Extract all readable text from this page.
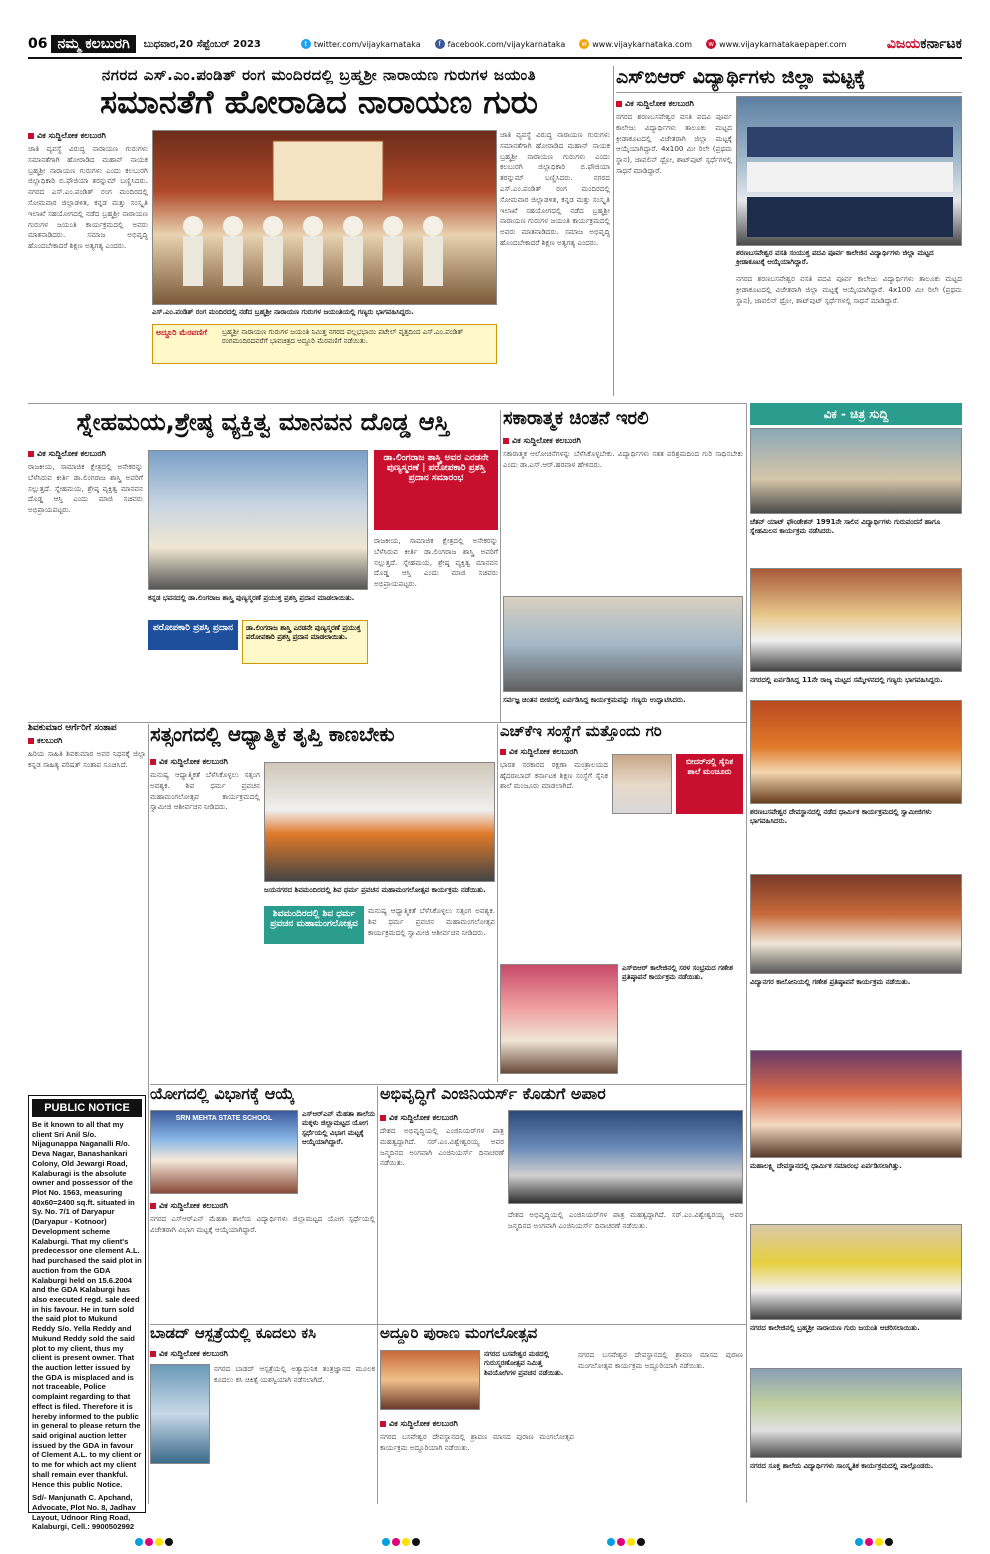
06 ನಮ್ಮ ಕಲಬುರಗಿ	ಬುಧವಾರ,20 ಸೆಪ್ಟೆಂಬರ್ 2023	t twitter.com/vijaykarnataka	f facebook.com/vijaykarnataka	w www.vijaykarnataka.com	w www.vijaykarnatakaepaper.com	ವಿಜಯಕರ್ನಾಟಕ
ನಗರದ ಎಸ್.ಎಂ.ಪಂಡಿತ್ ರಂಗ ಮಂದಿರದಲ್ಲಿ ಬ್ರಹ್ಮಶ್ರೀ ನಾರಾಯಣ ಗುರುಗಳ ಜಯಂತಿ
ಸಮಾನತೆಗೆ ಹೋರಾಡಿದ ನಾರಾಯಣ ಗುರು
ವಿಕ ಸುದ್ದಿಲೋಕ ಕಲಬುರಗಿ
ಜಾತಿ ವ್ಯವಸ್ಥೆ ವಿರುದ್ಧ ನಾರಾಯಣ ಗುರುಗಳು ಸಮಾನತೆಗಾಗಿ ಹೋರಾಡಿದ ಮಹಾನ್ ನಾಯಕ ಬ್ರಹ್ಮಶ್ರೀ ನಾರಾಯಣ ಗುರುಗಳು ಎಂದು ಕಲಬುರಗಿ ಜಿಲ್ಲಾಧಿಕಾರಿ ಬಿ.ಫೌಜಿಯಾ ತರನ್ನುಮ್ ಬಣ್ಣಿಸಿದರು. ನಗರದ ಎಸ್.ಎಂ.ಪಂಡಿತ್ ರಂಗ ಮಂದಿರದಲ್ಲಿ ಸೋಮವಾರ ಜಿಲ್ಲಾಡಳಿತ, ಕನ್ನಡ ಮತ್ತು ಸಂಸ್ಕೃತಿ ಇಲಾಖೆ ಸಹಯೋಗದಲ್ಲಿ ನಡೆದ ಬ್ರಹ್ಮಶ್ರೀ ನಾರಾಯಣ ಗುರುಗಳ ಜಯಂತಿ ಕಾರ್ಯಕ್ರಮದಲ್ಲಿ ಅವರು ಮಾತನಾಡಿದರು. ಸಮಾಜ ಅಭಿವೃದ್ಧಿ ಹೊಂದಬೇಕಾದರೆ ಶಿಕ್ಷಣ ಅತ್ಯಗತ್ಯ ಎಂದರು.
ಎಸ್.ಎಂ.ಪಂಡಿತ್ ರಂಗ ಮಂದಿರದಲ್ಲಿ ನಡೆದ ಬ್ರಹ್ಮಶ್ರೀ ನಾರಾಯಣ ಗುರುಗಳ ಜಯಂತಿಯಲ್ಲಿ ಗಣ್ಯರು ಭಾಗವಹಿಸಿದ್ದರು.
ಅದ್ದೂರಿ ಮೆರವಣಿಗೆ	ಬ್ರಹ್ಮಶ್ರೀ ನಾರಾಯಣ ಗುರುಗಳ ಜಯಂತಿ ನಿಮಿತ್ತ ನಗರದ ವಲ್ಲಭಭಾಯಿ ಪಟೇಲ್ ವೃತ್ತದಿಂದ ಎಸ್.ಎಂ.ಪಂಡಿತ್ ರಂಗಮಂದಿರದವರೆಗೆ ಭಾವಚಿತ್ರದ ಅದ್ದೂರಿ ಮೆರವಣಿಗೆ ನಡೆಯಿತು.
ಜಾತಿ ವ್ಯವಸ್ಥೆ ವಿರುದ್ಧ ನಾರಾಯಣ ಗುರುಗಳು ಸಮಾನತೆಗಾಗಿ ಹೋರಾಡಿದ ಮಹಾನ್ ನಾಯಕ ಬ್ರಹ್ಮಶ್ರೀ ನಾರಾಯಣ ಗುರುಗಳು ಎಂದು ಕಲಬುರಗಿ ಜಿಲ್ಲಾಧಿಕಾರಿ ಬಿ.ಫೌಜಿಯಾ ತರನ್ನುಮ್ ಬಣ್ಣಿಸಿದರು. ನಗರದ ಎಸ್.ಎಂ.ಪಂಡಿತ್ ರಂಗ ಮಂದಿರದಲ್ಲಿ ಸೋಮವಾರ ಜಿಲ್ಲಾಡಳಿತ, ಕನ್ನಡ ಮತ್ತು ಸಂಸ್ಕೃತಿ ಇಲಾಖೆ ಸಹಯೋಗದಲ್ಲಿ ನಡೆದ ಬ್ರಹ್ಮಶ್ರೀ ನಾರಾಯಣ ಗುರುಗಳ ಜಯಂತಿ ಕಾರ್ಯಕ್ರಮದಲ್ಲಿ ಅವರು ಮಾತನಾಡಿದರು. ಸಮಾಜ ಅಭಿವೃದ್ಧಿ ಹೊಂದಬೇಕಾದರೆ ಶಿಕ್ಷಣ ಅತ್ಯಗತ್ಯ ಎಂದರು.
ಎಸ್‌ಬಿಆರ್ ವಿದ್ಯಾರ್ಥಿಗಳು ಜಿಲ್ಲಾ ಮಟ್ಟಕ್ಕೆ
ವಿಕ ಸುದ್ದಿಲೋಕ ಕಲಬುರಗಿ
ನಗರದ ಶರಣಬಸವೇಶ್ವರ ವಸತಿ ಪದವಿ ಪೂರ್ವ ಕಾಲೇಜು ವಿದ್ಯಾರ್ಥಿಗಳು ತಾಲೂಕು ಮಟ್ಟದ ಕ್ರೀಡಾಕೂಟದಲ್ಲಿ ವಿಜೇತರಾಗಿ ಜಿಲ್ಲಾ ಮಟ್ಟಕ್ಕೆ ಆಯ್ಕೆಯಾಗಿದ್ದಾರೆ. 4x100 ಮೀ ರಿಲೇ (ಪ್ರಥಮ ಸ್ಥಾನ), ಜಾವಲಿನ್ ಥ್ರೋ, ಶಾಟ್‌ಪುಟ್ ಸ್ಪರ್ಧೆಗಳಲ್ಲಿ ಸಾಧನೆ ಮಾಡಿದ್ದಾರೆ.
ಶರಣಬಸವೇಶ್ವರ ವಸತಿ ಸಂಯುಕ್ತ ಪದವಿ ಪೂರ್ವ ಕಾಲೇಜಿನ ವಿದ್ಯಾರ್ಥಿಗಳು ಜಿಲ್ಲಾ ಮಟ್ಟದ ಕ್ರೀಡಾಕೂಟಕ್ಕೆ ಆಯ್ಕೆಯಾಗಿದ್ದಾರೆ.
ನಗರದ ಶರಣಬಸವೇಶ್ವರ ವಸತಿ ಪದವಿ ಪೂರ್ವ ಕಾಲೇಜು ವಿದ್ಯಾರ್ಥಿಗಳು ತಾಲೂಕು ಮಟ್ಟದ ಕ್ರೀಡಾಕೂಟದಲ್ಲಿ ವಿಜೇತರಾಗಿ ಜಿಲ್ಲಾ ಮಟ್ಟಕ್ಕೆ ಆಯ್ಕೆಯಾಗಿದ್ದಾರೆ. 4x100 ಮೀ ರಿಲೇ (ಪ್ರಥಮ ಸ್ಥಾನ), ಜಾವಲಿನ್ ಥ್ರೋ, ಶಾಟ್‌ಪುಟ್ ಸ್ಪರ್ಧೆಗಳಲ್ಲಿ ಸಾಧನೆ ಮಾಡಿದ್ದಾರೆ.
ಸ್ನೇಹಮಯ,ಶ್ರೇಷ್ಠ ವ್ಯಕ್ತಿತ್ವ ಮಾನವನ ದೊಡ್ಡ ಆಸ್ತಿ
ವಿಕ ಸುದ್ದಿಲೋಕ ಕಲಬುರಗಿ
ರಾಜಕೀಯ, ಸಾಮಾಜಿಕ ಕ್ಷೇತ್ರದಲ್ಲಿ ಅನೇಕರನ್ನು ಬೆಳೆಸಿರುವ ಕೀರ್ತಿ ಡಾ.ಲಿಂಗರಾಜ ಶಾಸ್ತ್ರಿ ಅವರಿಗೆ ಸಲ್ಲುತ್ತದೆ. ಸ್ನೇಹಮಯ, ಶ್ರೇಷ್ಠ ವ್ಯಕ್ತಿತ್ವ ಮಾನವನ ದೊಡ್ಡ ಆಸ್ತಿ ಎಂದು ಮಾಜಿ ಸಚಿವರು ಅಭಿಪ್ರಾಯಪಟ್ಟರು.
ಡಾ.ಲಿಂಗರಾಜ ಶಾಸ್ತ್ರಿ ಅವರ ಎರಡನೇ ಪುಣ್ಯಸ್ಮರಣೆ | ಪರೋಪಕಾರಿ ಪ್ರಶಸ್ತಿ ಪ್ರದಾನ ಸಮಾರಂಭ
ಕನ್ನಡ ಭವನದಲ್ಲಿ ಡಾ.ಲಿಂಗರಾಜ ಶಾಸ್ತ್ರಿ ಪುಣ್ಯಸ್ಮರಣೆ ಪ್ರಯುಕ್ತ ಪ್ರಶಸ್ತಿ ಪ್ರದಾನ ಮಾಡಲಾಯಿತು.
ಪರೋಪಕಾರಿ ಪ್ರಶಸ್ತಿ ಪ್ರದಾನ	ಡಾ.ಲಿಂಗರಾಜ ಶಾಸ್ತ್ರಿ ಎರಡನೇ ಪುಣ್ಯಸ್ಮರಣೆ ಪ್ರಯುಕ್ತ ಪರೋಪಕಾರಿ ಪ್ರಶಸ್ತಿ ಪ್ರದಾನ ಮಾಡಲಾಯಿತು.
ರಾಜಕೀಯ, ಸಾಮಾಜಿಕ ಕ್ಷೇತ್ರದಲ್ಲಿ ಅನೇಕರನ್ನು ಬೆಳೆಸಿರುವ ಕೀರ್ತಿ ಡಾ.ಲಿಂಗರಾಜ ಶಾಸ್ತ್ರಿ ಅವರಿಗೆ ಸಲ್ಲುತ್ತದೆ. ಸ್ನೇಹಮಯ, ಶ್ರೇಷ್ಠ ವ್ಯಕ್ತಿತ್ವ ಮಾನವನ ದೊಡ್ಡ ಆಸ್ತಿ ಎಂದು ಮಾಜಿ ಸಚಿವರು ಅಭಿಪ್ರಾಯಪಟ್ಟರು.
ಸಕಾರಾತ್ಮಕ ಚಿಂತನೆ ಇರಲಿ
ವಿಕ ಸುದ್ದಿಲೋಕ ಕಲಬುರಗಿ
ಸಕಾರಾತ್ಮಕ ಆಲೋಚನೆಗಳನ್ನು ಬೆಳೆಸಿಕೊಳ್ಳಬೇಕು. ವಿದ್ಯಾರ್ಥಿಗಳು ಸತತ ಪರಿಶ್ರಮದಿಂದ ಗುರಿ ಸಾಧಿಸಬೇಕು ಎಂದು ಡಾ.ಎಸ್.ಆರ್.ಹರವಾಳ ಹೇಳಿದರು.
ಸರ್ವಜ್ಞ ಚಿಂತನ ಬೀಠದಲ್ಲಿ ಏರ್ಪಡಿಸಿದ್ದ ಕಾರ್ಯಕ್ರಮವನ್ನು ಗಣ್ಯರು ಉದ್ಘಾಟಿಸಿದರು.
ವಿಕ - ಚಿತ್ರ ಸುದ್ದಿ
ಚೆತನ್ ಯಾಟ್ ಫೌಂಡೇಶನ್ 1991ನೇ ಸಾಲಿನ ವಿದ್ಯಾರ್ಥಿಗಳು ಗುರುವಂದನೆ ಹಾಗೂ ಸ್ನೇಹಮಿಲನ ಕಾರ್ಯಕ್ರಮ ನಡೆಸಿದರು.
ನಗರದಲ್ಲಿ ಏರ್ಪಡಿಸಿದ್ದ 11ನೇ ರಾಜ್ಯ ಮಟ್ಟದ ಸಮ್ಮೇಳನದಲ್ಲಿ ಗಣ್ಯರು ಭಾಗವಹಿಸಿದ್ದರು.
ಶರಣಬಸವೇಶ್ವರ ದೇವಸ್ಥಾನದಲ್ಲಿ ನಡೆದ ಧಾರ್ಮಿಕ ಕಾರ್ಯಕ್ರಮದಲ್ಲಿ ಸ್ವಾಮೀಜಿಗಳು ಭಾಗವಹಿಸಿದರು.
ವಿದ್ಯಾನಗರ ಕಾಲೋನಿಯಲ್ಲಿ ಗಣೇಶ ಪ್ರತಿಷ್ಠಾಪನೆ ಕಾರ್ಯಕ್ರಮ ನಡೆಯಿತು.
ಮಹಾಲಕ್ಷ್ಮಿ ದೇವಸ್ಥಾನದಲ್ಲಿ ಧಾರ್ಮಿಕ ಸಮಾರಂಭ ಏರ್ಪಡಿಸಲಾಗಿತ್ತು.
ನಗರದ ಕಾಲೇಜಿನಲ್ಲಿ ಬ್ರಹ್ಮಶ್ರೀ ನಾರಾಯಣ ಗುರು ಜಯಂತಿ ಆಚರಿಸಲಾಯಿತು.
ನಗರದ ಸೂಕ್ತ ಶಾಲೆಯ ವಿದ್ಯಾರ್ಥಿಗಳು ಸಾಂಸ್ಕೃತಿಕ ಕಾರ್ಯಕ್ರಮದಲ್ಲಿ ಪಾಲ್ಗೊಂಡರು.
ಶಿವಕುಮಾರ ಆರ್ಗೆರಿಗೆ ಸಂತಾಪ
ಕಲಬುರಗಿ
ಹಿರಿಯ ಸಾಹಿತಿ ಶಿವಕುಮಾರ ಅವರ ನಿಧನಕ್ಕೆ ಜಿಲ್ಲಾ ಕನ್ನಡ ಸಾಹಿತ್ಯ ಪರಿಷತ್ ಸಂತಾಪ ಸೂಚಿಸಿದೆ.
ಸತ್ಸಂಗದಲ್ಲಿ ಆಧ್ಯಾತ್ಮಿಕ ತೃಪ್ತಿ ಕಾಣಬೇಕು
ವಿಕ ಸುದ್ದಿಲೋಕ ಕಲಬುರಗಿ
ಮನುಷ್ಯ ಆಧ್ಯಾತ್ಮಿಕತೆ ಬೆಳೆಸಿಕೊಳ್ಳಲು ಸತ್ಸಂಗ ಅವಶ್ಯಕ. ಶಿವ ಧರ್ಮ ಪ್ರವಚನ ಮಹಾಮಂಗಲೋತ್ಸವ ಕಾರ್ಯಕ್ರಮದಲ್ಲಿ ಸ್ವಾಮೀಜಿ ಆಶೀರ್ವಚನ ನೀಡಿದರು.
ಜಯನಗರದ ಶಿವಮಂದಿರದಲ್ಲಿ ಶಿವ ಧರ್ಮ ಪ್ರವಚನ ಮಹಾಮಂಗಲೋತ್ಸವ ಕಾರ್ಯಕ್ರಮ ನಡೆಯಿತು.
ಶಿವಮಂದಿರದಲ್ಲಿ ಶಿವ ಧರ್ಮ ಪ್ರವಚನ ಮಹಾಮಂಗಲೋತ್ಸವ
ಮನುಷ್ಯ ಆಧ್ಯಾತ್ಮಿಕತೆ ಬೆಳೆಸಿಕೊಳ್ಳಲು ಸತ್ಸಂಗ ಅವಶ್ಯಕ. ಶಿವ ಧರ್ಮ ಪ್ರವಚನ ಮಹಾಮಂಗಲೋತ್ಸವ ಕಾರ್ಯಕ್ರಮದಲ್ಲಿ ಸ್ವಾಮೀಜಿ ಆಶೀರ್ವಚನ ನೀಡಿದರು.
ಎಚ್‌ಕೆಇ ಸಂಸ್ಥೆಗೆ ಮತ್ತೊಂದು ಗರಿ
ವಿಕ ಸುದ್ದಿಲೋಕ ಕಲಬುರಗಿ
ಬೀದರ್‌ನಲ್ಲಿ ಸೈನಿಕ ಶಾಲೆ ಮಂಜೂರು
ಭಾರತ ಸರಕಾರದ ರಕ್ಷಣಾ ಮಂತ್ರಾಲಯದ ಹೈದರಾಬಾದ್ ಕರ್ನಾಟಕ ಶಿಕ್ಷಣ ಸಂಸ್ಥೆಗೆ ಸೈನಿಕ ಶಾಲೆ ಮಂಜೂರು ಮಾಡಲಾಗಿದೆ.
ಎಸ್‌ಬಿಆರ್ ಕಾಲೇಜಿನಲ್ಲಿ ಸರಳ ಸಂಭ್ರಮದ ಗಣೇಶ ಪ್ರತಿಷ್ಠಾಪನೆ ಕಾರ್ಯಕ್ರಮ ನಡೆಯಿತು.
PUBLIC NOTICE
Be it known to all that my client Sri Anil S/o. Nijagunappa Naganalli R/o. Deva Nagar, Banashankari Colony, Old Jewargi Road, Kalaburagi is the absolute owner and possessor of the Plot No. 1563, measuring 40x60=2400 sq.ft. situated in Sy. No. 7/1 of Daryapur (Daryapur - Kotnoor) Development scheme Kalaburgi. That my client's predecessor one clement A.L. had purchased the said plot in auction from the GDA Kalaburgi held on 15.6.2004 and the GDA Kalaburgi has also executed regd. sale deed in his favour. He in turn sold the said plot to Mukund Reddy S/o. Yella Reddy and Mukund Reddy sold the said plot to my client, thus my client is present owner. That the auction letter issued by the GDA is misplaced and is not traceable, Police complaint regarding to that effect is filed. Therefore it is hereby informed to the public in general to please return the said original auction letter issued by the GDA in favour of Clement A.L. to my client or to me for which act my client shall remain ever thankful. Hence this public Notice.
Sd/- Manjunath C. Apchand, Advocate, Plot No. 8, Jadhav Layout, Udnoor Ring Road, Kalaburgi, Cell.: 9900502992
ಯೋಗದಲ್ಲಿ ವಿಭಾಗಕ್ಕೆ ಆಯ್ಕೆ
SRN MEHTA STATE SCHOOL
ಎಸ್‌ಆರ್‌ಎನ್ ಮೆಹತಾ ಶಾಲೆಯ ಮಕ್ಕಳು ಜಿಲ್ಲಾಮಟ್ಟದ ಯೋಗ ಸ್ಪರ್ಧೆಯಲ್ಲಿ ವಿಭಾಗ ಮಟ್ಟಕ್ಕೆ ಆಯ್ಕೆಯಾಗಿದ್ದಾರೆ.
ವಿಕ ಸುದ್ದಿಲೋಕ ಕಲಬುರಗಿ
ನಗರದ ಎಸ್‌ಆರ್‌ಎನ್ ಮೆಹತಾ ಶಾಲೆಯ ವಿದ್ಯಾರ್ಥಿಗಳು ಜಿಲ್ಲಾಮಟ್ಟದ ಯೋಗ ಸ್ಪರ್ಧೆಯಲ್ಲಿ ವಿಜೇತರಾಗಿ ವಿಭಾಗ ಮಟ್ಟಕ್ಕೆ ಆಯ್ಕೆಯಾಗಿದ್ದಾರೆ.
ಅಭಿವೃದ್ಧಿಗೆ ಎಂಜಿನಿಯರ್ಸ್ ಕೊಡುಗೆ ಅಪಾರ
ವಿಕ ಸುದ್ದಿಲೋಕ ಕಲಬುರಗಿ
ದೇಶದ ಅಭಿವೃದ್ಧಿಯಲ್ಲಿ ಎಂಜಿನಿಯರ್‌ಗಳ ಪಾತ್ರ ಮಹತ್ವದ್ದಾಗಿದೆ. ಸರ್.ಎಂ.ವಿಶ್ವೇಶ್ವರಯ್ಯ ಅವರ ಜನ್ಮದಿನದ ಅಂಗವಾಗಿ ಎಂಜಿನಿಯರ್ಸ್ ದಿನಾಚರಣೆ ನಡೆಯಿತು.
ದೇಶದ ಅಭಿವೃದ್ಧಿಯಲ್ಲಿ ಎಂಜಿನಿಯರ್‌ಗಳ ಪಾತ್ರ ಮಹತ್ವದ್ದಾಗಿದೆ. ಸರ್.ಎಂ.ವಿಶ್ವೇಶ್ವರಯ್ಯ ಅವರ ಜನ್ಮದಿನದ ಅಂಗವಾಗಿ ಎಂಜಿನಿಯರ್ಸ್ ದಿನಾಚರಣೆ ನಡೆಯಿತು.
ಬಾಡದ್ ಆಸ್ಪತ್ರೆಯಲ್ಲಿ ಕೂದಲು ಕಸಿ
ವಿಕ ಸುದ್ದಿಲೋಕ ಕಲಬುರಗಿ
ನಗರದ ಬಾಡದ್ ಆಸ್ಪತ್ರೆಯಲ್ಲಿ ಅತ್ಯಾಧುನಿಕ ತಂತ್ರಜ್ಞಾನದ ಮೂಲಕ ಕೂದಲು ಕಸಿ ಚಿಕಿತ್ಸೆ ಯಶಸ್ವಿಯಾಗಿ ನಡೆಸಲಾಗಿದೆ.
ಅದ್ದೂರಿ ಪುರಾಣ ಮಂಗಲೋತ್ಸವ
ನಗರದ ಬಸವೇಶ್ವರ ಮಠದಲ್ಲಿ ಗುರುಸ್ಮರಣೋತ್ಸವ ನಿಮಿತ್ತ ಶಿವಯೋಗಿಗಳ ಪ್ರವಚನ ನಡೆಯಿತು.
ವಿಕ ಸುದ್ದಿಲೋಕ ಕಲಬುರಗಿ
ನಗರದ ಬಸವೇಶ್ವರ ದೇವಸ್ಥಾನದಲ್ಲಿ ಶ್ರಾವಣ ಮಾಸದ ಪುರಾಣ ಮಂಗಲೋತ್ಸವ ಕಾರ್ಯಕ್ರಮ ಅದ್ದೂರಿಯಾಗಿ ನಡೆಯಿತು.
ನಗರದ ಬಸವೇಶ್ವರ ದೇವಸ್ಥಾನದಲ್ಲಿ ಶ್ರಾವಣ ಮಾಸದ ಪುರಾಣ ಮಂಗಲೋತ್ಸವ ಕಾರ್ಯಕ್ರಮ ಅದ್ದೂರಿಯಾಗಿ ನಡೆಯಿತು.
